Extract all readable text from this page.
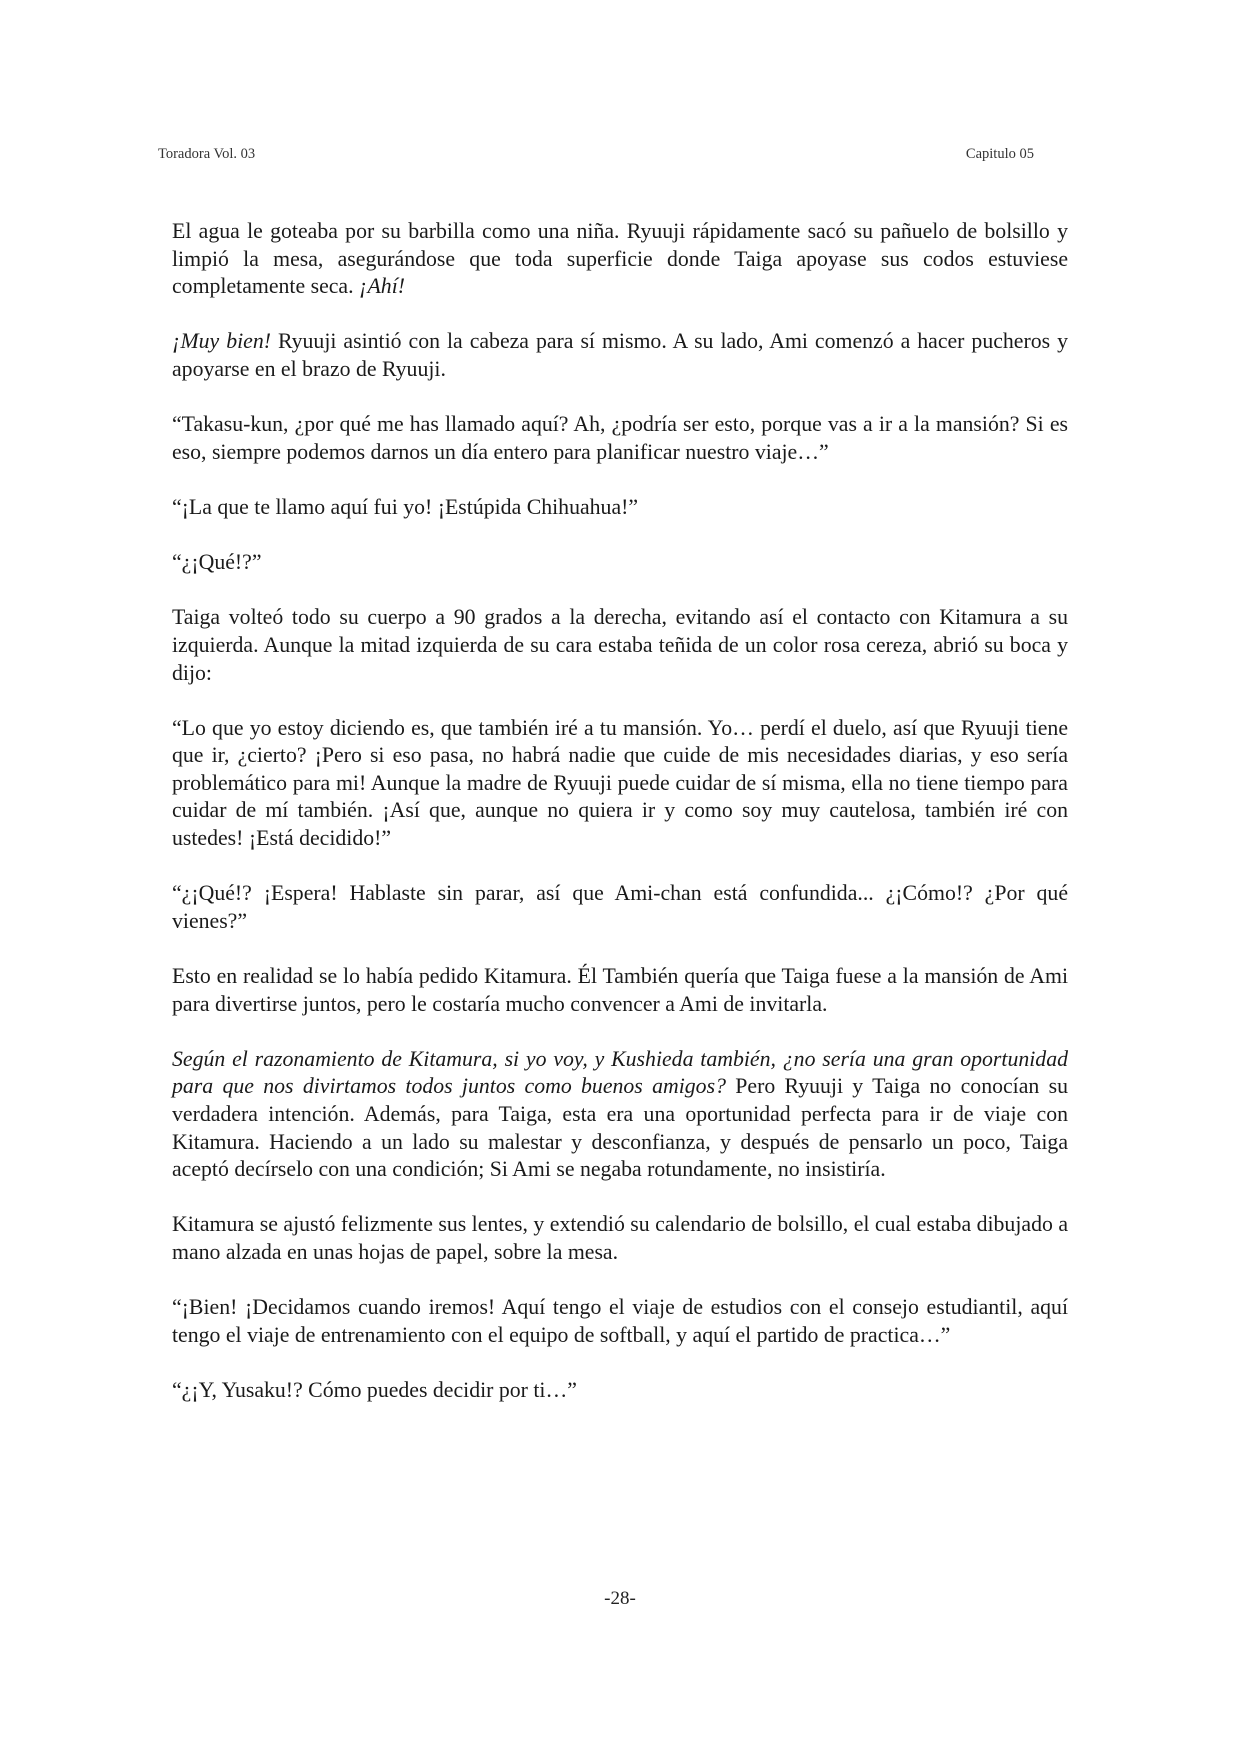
Toradora Vol. 03	Capitulo 05

El agua le goteaba por su barbilla como una niña. Ryuuji rápidamente sacó su pañuelo de bolsillo y limpió la mesa, asegurándose que toda superficie donde Taiga apoyase sus codos estuviese completamente seca. ¡Ahí!

¡Muy bien! Ryuuji asintió con la cabeza para sí mismo. A su lado, Ami comenzó a hacer pucheros y apoyarse en el brazo de Ryuuji.

“Takasu-kun, ¿por qué me has llamado aquí? Ah, ¿podría ser esto, porque vas a ir a la mansión? Si es eso, siempre podemos darnos un día entero para planificar nuestro viaje…”

“¡La que te llamo aquí fui yo! ¡Estúpida Chihuahua!”

“¿¡Qué!?”

Taiga volteó todo su cuerpo a 90 grados a la derecha, evitando así el contacto con Kitamura a su izquierda. Aunque la mitad izquierda de su cara estaba teñida de un color rosa cereza, abrió su boca y dijo:

“Lo que yo estoy diciendo es, que también iré a tu mansión. Yo… perdí el duelo, así que Ryuuji tiene que ir, ¿cierto? ¡Pero si eso pasa, no habrá nadie que cuide de mis necesidades diarias, y eso sería problemático para mi! Aunque la madre de Ryuuji puede cuidar de sí misma, ella no tiene tiempo para cuidar de mí también. ¡Así que, aunque no quiera ir y como soy muy cautelosa, también iré con ustedes! ¡Está decidido!”

“¿¡Qué!? ¡Espera! Hablaste sin parar, así que Ami-chan está confundida... ¿¡Cómo!? ¿Por qué vienes?”

Esto en realidad se lo había pedido Kitamura. Él También quería que Taiga fuese a la mansión de Ami para divertirse juntos, pero le costaría mucho convencer a Ami de invitarla.

Según el razonamiento de Kitamura, si yo voy, y Kushieda también, ¿no sería una gran oportunidad para que nos divirtamos todos juntos como buenos amigos? Pero Ryuuji y Taiga no conocían su verdadera intención. Además, para Taiga, esta era una oportunidad perfecta para ir de viaje con Kitamura. Haciendo a un lado su malestar y desconfianza, y después de pensarlo un poco, Taiga aceptó decírselo con una condición; Si Ami se negaba rotundamente, no insistiría.

Kitamura se ajustó felizmente sus lentes, y extendió su calendario de bolsillo, el cual estaba dibujado a mano alzada en unas hojas de papel, sobre la mesa.

“¡Bien! ¡Decidamos cuando iremos! Aquí tengo el viaje de estudios con el consejo estudiantil, aquí tengo el viaje de entrenamiento con el equipo de softball, y aquí el partido de practica…”

“¿¡Y, Yusaku!? Cómo puedes decidir por ti…”

-28-
